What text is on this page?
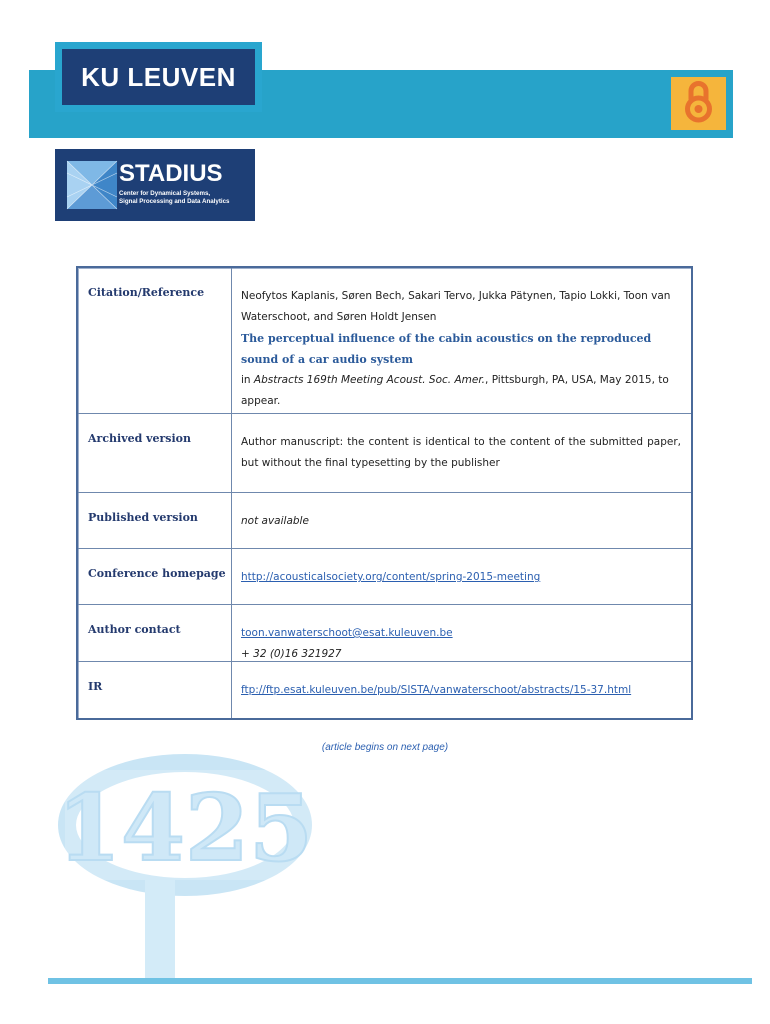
KU LEUVEN
STADIUS
Center for Dynamical Systems,
Signal Processing and Data Analytics
1425
Citation/Reference	Neofytos Kaplanis, Søren Bech, Sakari Tervo, Jukka Pätynen, Tapio Lokki, Toon van Waterschoot, and Søren Holdt Jensen
The perceptual influence of the cabin acoustics on the reproduced sound of a car audio system
in Abstracts 169th Meeting Acoust. Soc. Amer., Pittsburgh, PA, USA, May 2015, to appear.
Archived version	Author manuscript: the content is identical to the content of the submitted paper, but without the final typesetting by the publisher
Published version	not available
Conference homepage http://acousticalsociety.org/content/spring-2015-meeting
Author contact	toon.vanwaterschoot@esat.kuleuven.be
+ 32 (0)16 321927
IR	ftp://ftp.esat.kuleuven.be/pub/SISTA/vanwaterschoot/abstracts/15-37.html
(article begins on next page)
